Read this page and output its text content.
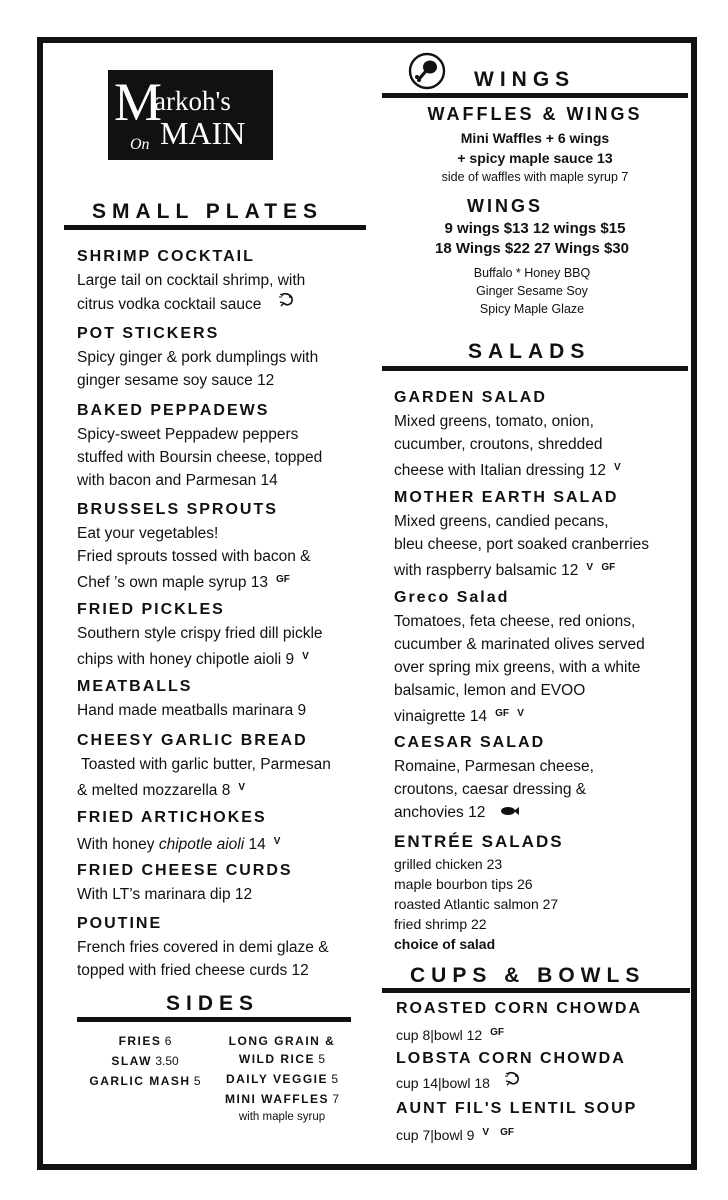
M
arkoh's
MAIN
On
SMALL PLATES
SHRIMP COCKTAIL
Large tail on cocktail shrimp, with
citrus vodka cocktail sauce
POT STICKERS
Spicy ginger & pork dumplings with
ginger sesame soy sauce 12
BAKED PEPPADEWS
Spicy-sweet Peppadew peppers
stuffed with Boursin cheese, topped
with bacon and Parmesan 14
BRUSSELS SPROUTS
Eat your vegetables!
Fried sprouts tossed with bacon &
Chef ’s own maple syrup 13 $^{GF}$
FRIED PICKLES
Southern style crispy fried dill pickle
chips with honey chipotle aioli 9 $^V$
MEATBALLS
Hand made meatballs marinara 9
CHEESY GARLIC BREAD
Toasted with garlic butter, Parmesan
& melted mozzarella 8 $^V$
FRIED ARTICHOKES
With honey chipotle aioli 14 $^V$
FRIED CHEESE CURDS
With LT’s marinara dip 12
POUTINE
French fries covered in demi glaze &
topped with fried cheese curds 12
SIDES
FRIES 6
SLAW 3.50
GARLIC MASH 5
LONG GRAIN &
WILD RICE 5
DAILY VEGGIE 5
MINI WAFFLES 7
with maple syrup
WINGS
WAFFLES & WINGS
Mini Waffles + 6 wings
+ spicy maple sauce 13
side of waffles with maple syrup 7
WINGS
9 wings $13 12 wings $15
18 Wings $22 27 Wings $30
Buffalo * Honey BBQ
Ginger Sesame Soy
Spicy Maple Glaze
SALADS
GARDEN SALAD
Mixed greens, tomato, onion,
cucumber, croutons, shredded
cheese with Italian dressing 12 $^V$
MOTHER EARTH SALAD
Mixed greens, candied pecans,
bleu cheese, port soaked cranberries
with raspberry balsamic 12 $^{V GF}$
Greco Salad
Tomatoes, feta cheese, red onions,
cucumber & marinated olives served
over spring mix greens, with a white
balsamic, lemon and EVOO
vinaigrette 14 $^{GF V}$
CAESAR SALAD
Romaine, Parmesan cheese,
croutons, caesar dressing &
anchovies 12
ENTRÉE SALADS
grilled chicken 23
maple bourbon tips 26
roasted Atlantic salmon 27
fried shrimp 22
choice of salad
CUPS & BOWLS
ROASTED CORN CHOWDA
cup 8|bowl 12 $^{GF}$
LOBSTA CORN CHOWDA
cup 14|bowl 18
AUNT FIL'S LENTIL SOUP
cup 7|bowl 9 $^{V GF}$
